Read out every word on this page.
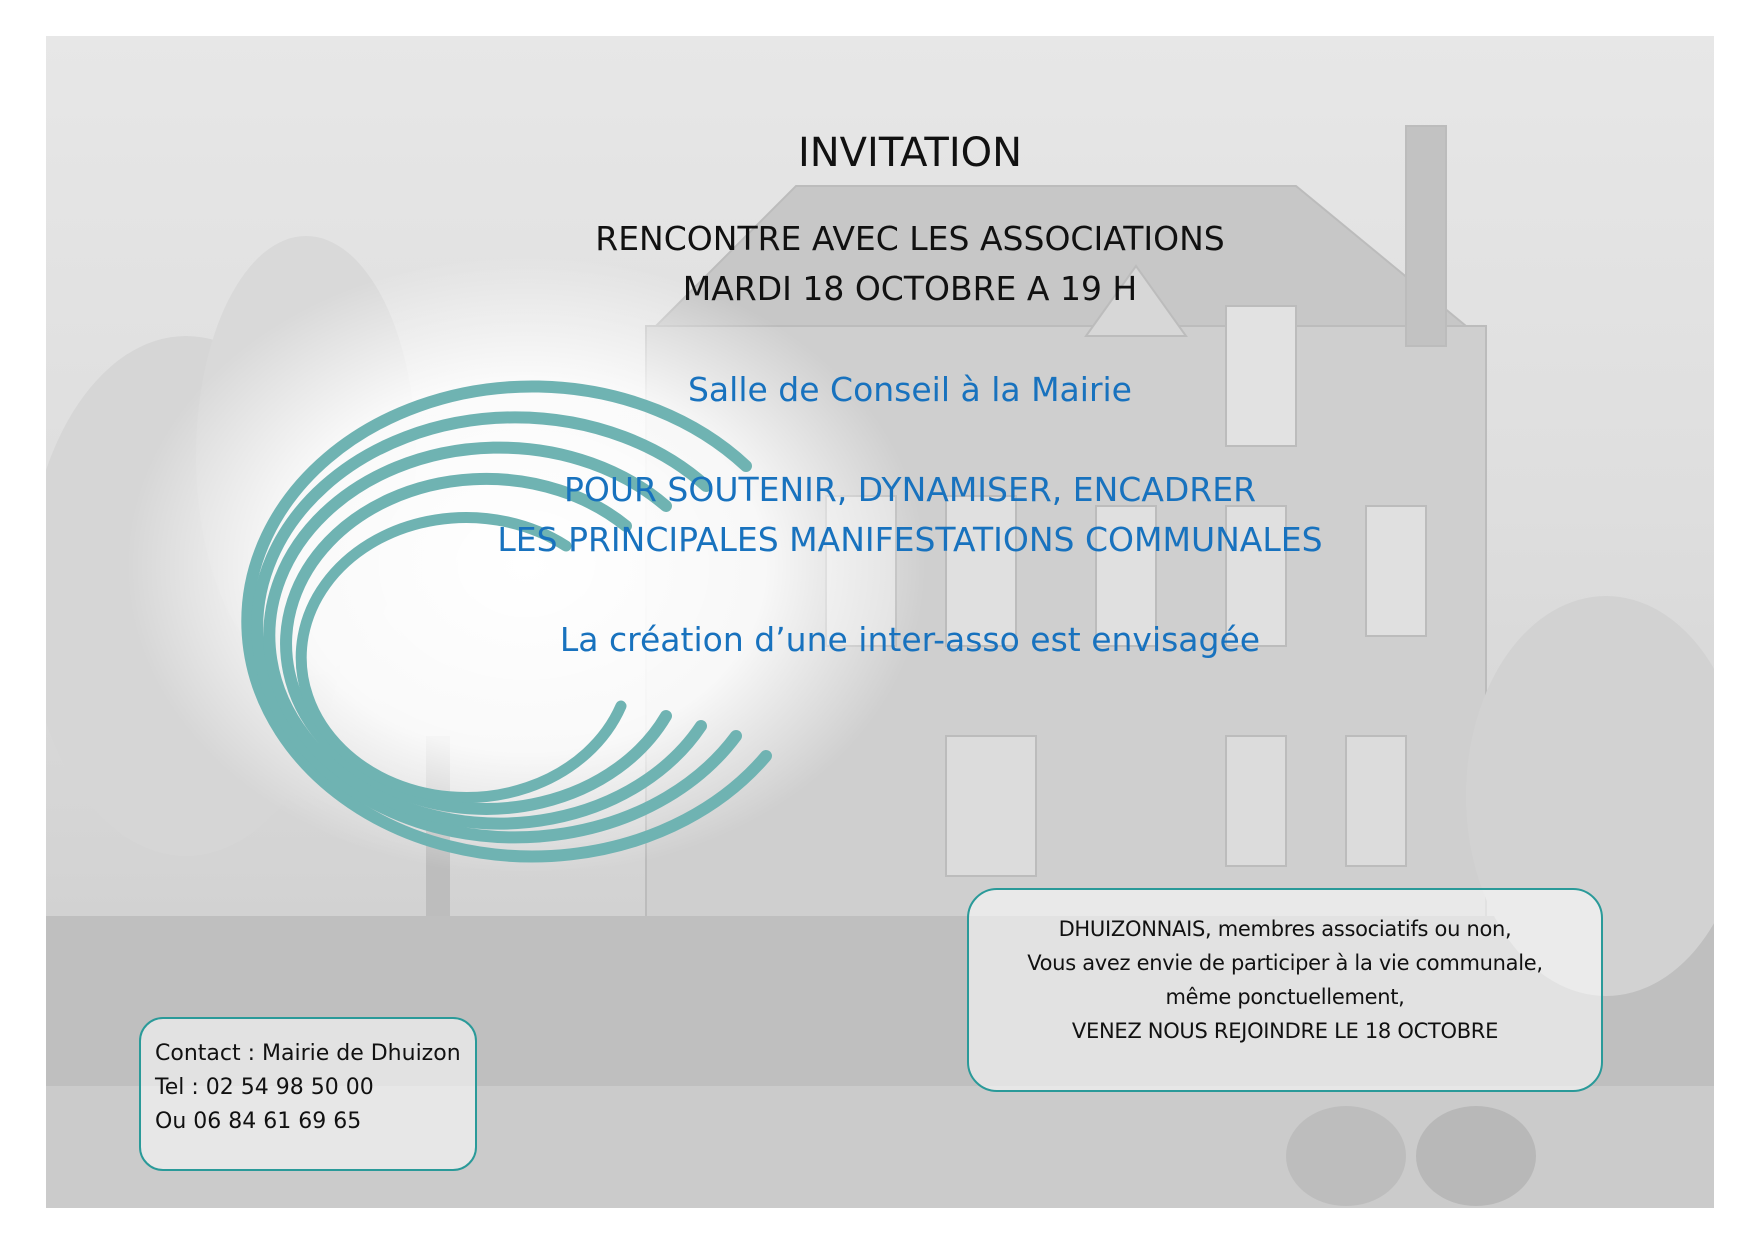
INVITATION
RENCONTRE AVEC LES ASSOCIATIONS
MARDI 18 OCTOBRE A 19 H
Salle de Conseil à la Mairie
POUR SOUTENIR, DYNAMISER, ENCADRER
LES PRINCIPALES MANIFESTATIONS COMMUNALES
La création d’une inter-asso est envisagée
DHUIZONNAIS, membres associatifs ou non,
Vous avez envie de participer à la vie communale,
même ponctuellement,
VENEZ NOUS REJOINDRE LE 18 OCTOBRE
Contact : Mairie de Dhuizon
Tel : 02 54 98 50 00
Ou 06 84 61 69 65
